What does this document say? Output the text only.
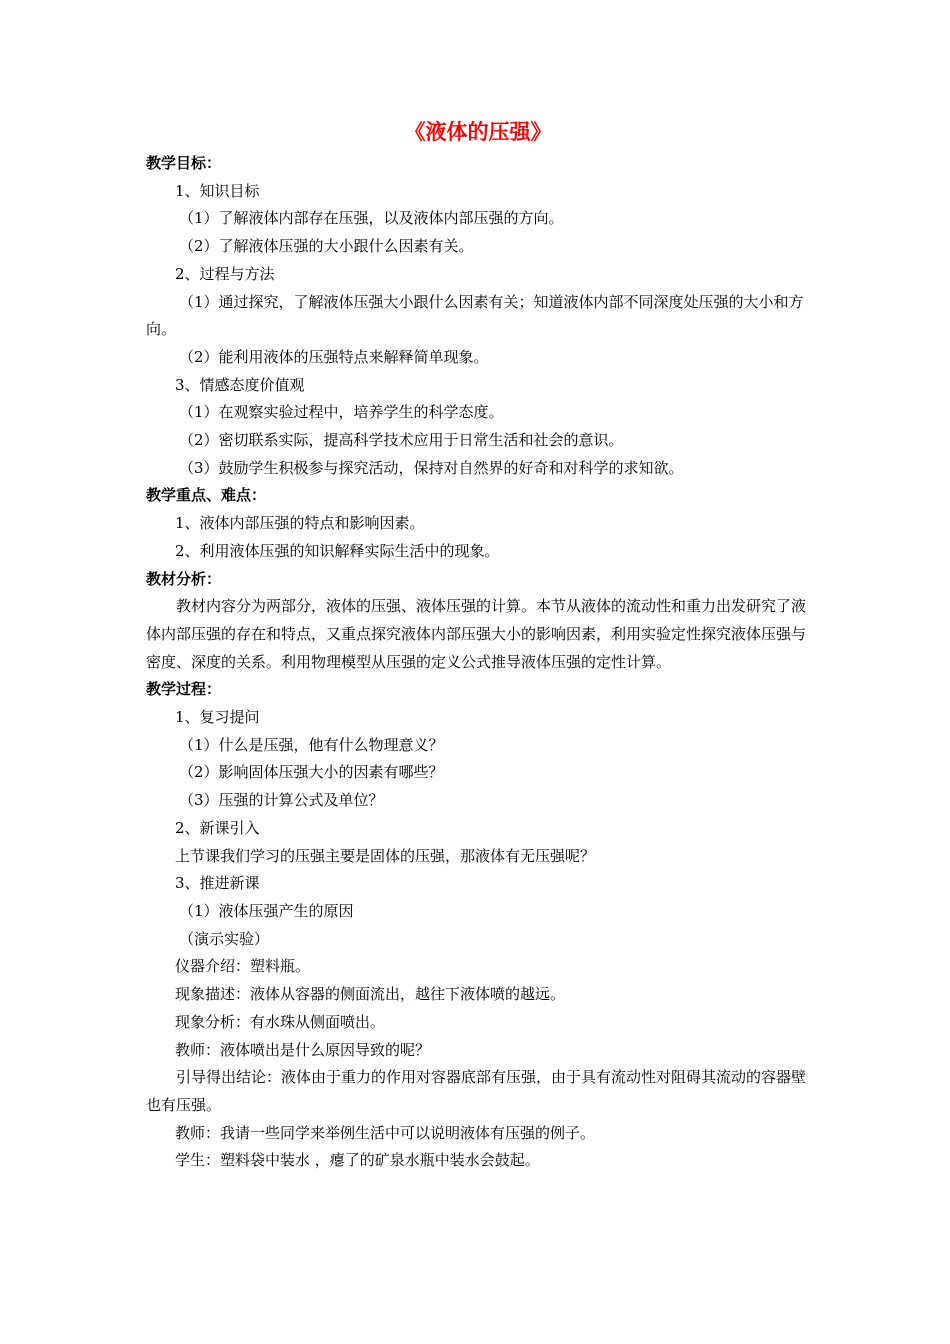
《液体的压强》
教学目标：
1、知识目标
（1）了解液体内部存在压强，以及液体内部压强的方向。
（2）了解液体压强的大小跟什么因素有关。
2、过程与方法
（1）通过探究，了解液体压强大小跟什么因素有关；知道液体内部不同深度处压强的大小和方向。
（2）能利用液体的压强特点来解释简单现象。
3、情感态度价值观
（1）在观察实验过程中，培养学生的科学态度。
（2）密切联系实际，提高科学技术应用于日常生活和社会的意识。
（3）鼓励学生积极参与探究活动，保持对自然界的好奇和对科学的求知欲。
教学重点、难点：
1、液体内部压强的特点和影响因素。
2、利用液体压强的知识解释实际生活中的现象。
教材分析：
教材内容分为两部分，液体的压强、液体压强的计算。本节从液体的流动性和重力出发研究了液体内部压强的存在和特点，又重点探究液体内部压强大小的影响因素，利用实验定性探究液体压强与密度、深度的关系。利用物理模型从压强的定义公式推导液体压强的定性计算。
教学过程：
1、复习提问
（1）什么是压强，他有什么物理意义？
（2）影响固体压强大小的因素有哪些？
（3）压强的计算公式及单位？
2、新课引入
上节课我们学习的压强主要是固体的压强，那液体有无压强呢？
3、推进新课
（1）液体压强产生的原因
（演示实验）
仪器介绍：塑料瓶。
现象描述：液体从容器的侧面流出，越往下液体喷的越远。
现象分析：有水珠从侧面喷出。
教师：液体喷出是什么原因导致的呢？
引导得出结论：液体由于重力的作用对容器底部有压强，由于具有流动性对阻碍其流动的容器壁也有压强。
教师：我请一些同学来举例生活中可以说明液体有压强的例子。
学生：塑料袋中装水 ，瘪了的矿泉水瓶中装水会鼓起。
